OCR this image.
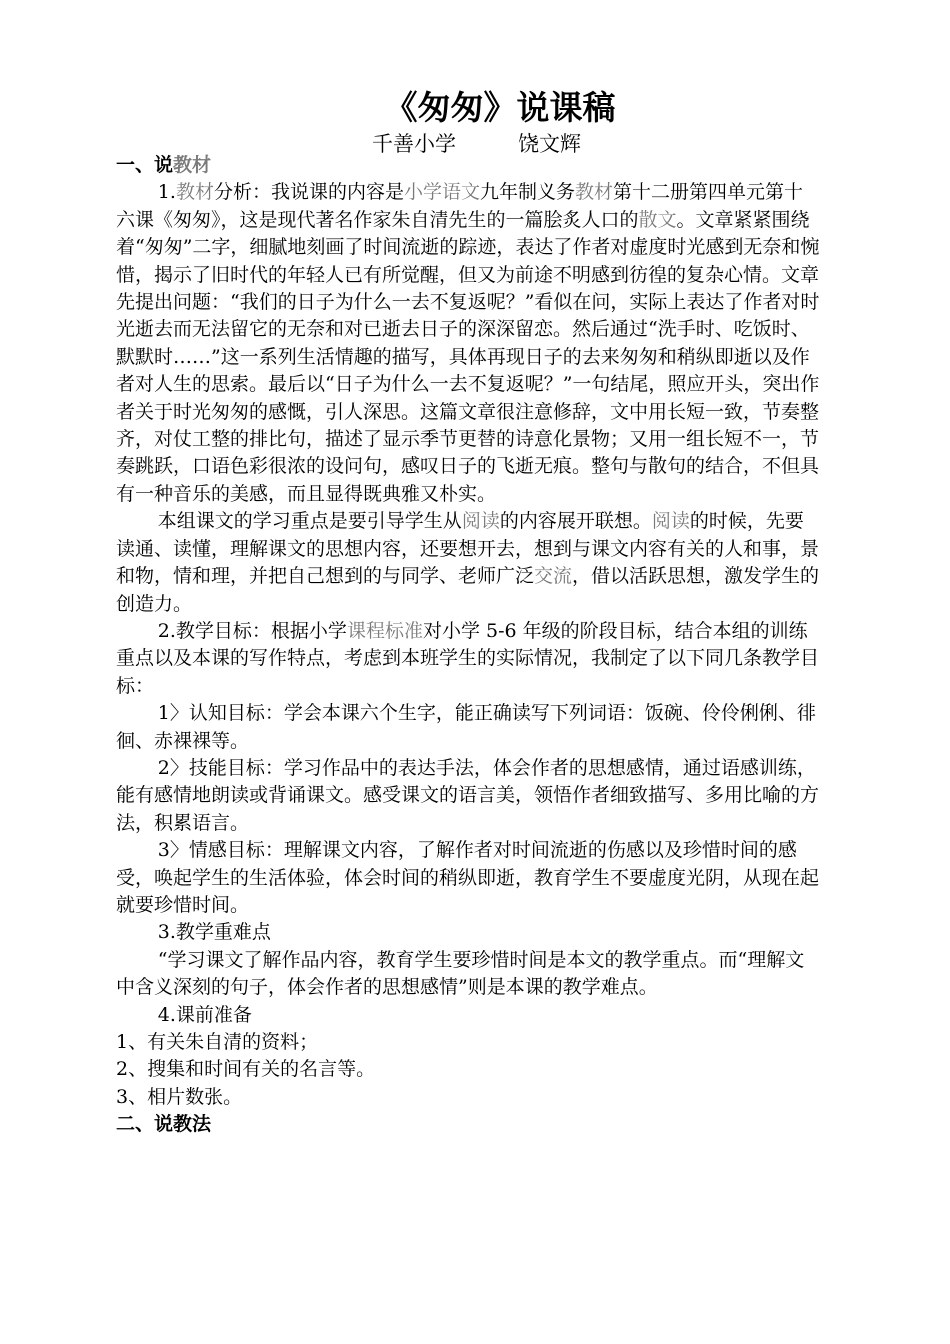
《匆匆》说课稿
千善小学	饶文辉

一、说教材

1.教材分析：我说课的内容是小学语文九年制义务教材第十二册第四单元第十六课《匆匆》，这是现代著名作家朱自清先生的一篇脍炙人口的散文。文章紧紧围绕着“匆匆”二字，细腻地刻画了时间流逝的踪迹，表达了作者对虚度时光感到无奈和惋惜，揭示了旧时代的年轻人已有所觉醒，但又为前途不明感到彷徨的复杂心情。文章先提出问题：“我们的日子为什么一去不复返呢？”看似在问，实际上表达了作者对时光逝去而无法留它的无奈和对已逝去日子的深深留恋。然后通过“洗手时、吃饭时、默默时……”这一系列生活情趣的描写，具体再现日子的去来匆匆和稍纵即逝以及作者对人生的思索。最后以“日子为什么一去不复返呢？”一句结尾，照应开头，突出作者关于时光匆匆的感慨，引人深思。这篇文章很注意修辞，文中用长短一致，节奏整齐，对仗工整的排比句，描述了显示季节更替的诗意化景物；又用一组长短不一，节奏跳跃，口语色彩很浓的设问句，感叹日子的飞逝无痕。整句与散句的结合，不但具有一种音乐的美感，而且显得既典雅又朴实。

本组课文的学习重点是要引导学生从阅读的内容展开联想。阅读的时候，先要读通、读懂，理解课文的思想内容，还要想开去，想到与课文内容有关的人和事，景和物，情和理，并把自己想到的与同学、老师广泛交流，借以活跃思想，激发学生的创造力。

2.教学目标：根据小学课程标准对小学 5-6 年级的阶段目标，结合本组的训练重点以及本课的写作特点，考虑到本班学生的实际情况，我制定了以下同几条教学目标：

1〉认知目标：学会本课六个生字，能正确读写下列词语：饭碗、伶伶俐俐、徘徊、赤裸裸等。

2〉技能目标：学习作品中的表达手法，体会作者的思想感情，通过语感训练，能有感情地朗读或背诵课文。感受课文的语言美，领悟作者细致描写、多用比喻的方法，积累语言。

3〉情感目标：理解课文内容，了解作者对时间流逝的伤感以及珍惜时间的感受，唤起学生的生活体验，体会时间的稍纵即逝，教育学生不要虚度光阴，从现在起就要珍惜时间。

3.教学重难点

“学习课文了解作品内容，教育学生要珍惜时间是本文的教学重点。而“理解文中含义深刻的句子，体会作者的思想感情”则是本课的教学难点。

4.课前准备

1、有关朱自清的资料；

2、搜集和时间有关的名言等。

3、相片数张。

二、说教法
